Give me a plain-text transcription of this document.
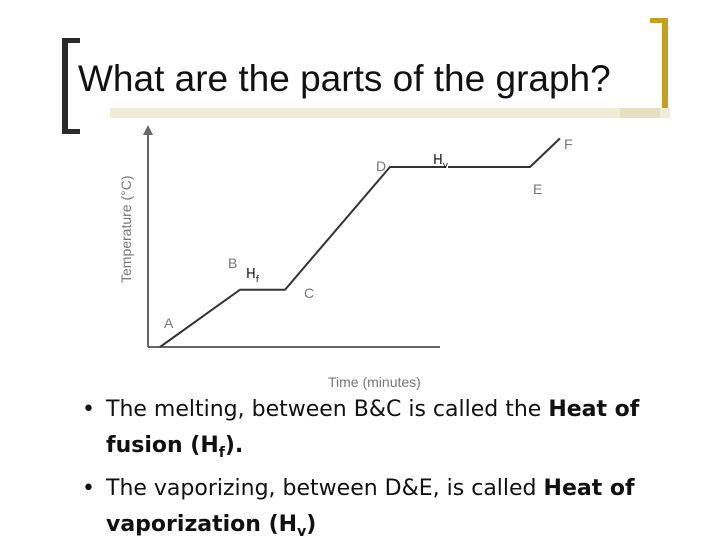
What are the parts of the graph?
Temperature (°C)
Time (minutes)
A
B
C
D
$H_f$
E
F
$H_v$
• The melting, between B&C is called the Heat of fusion $(H_f)$.
• The vaporizing, between D&E, is called Heat of vaporization $(H_v)$
